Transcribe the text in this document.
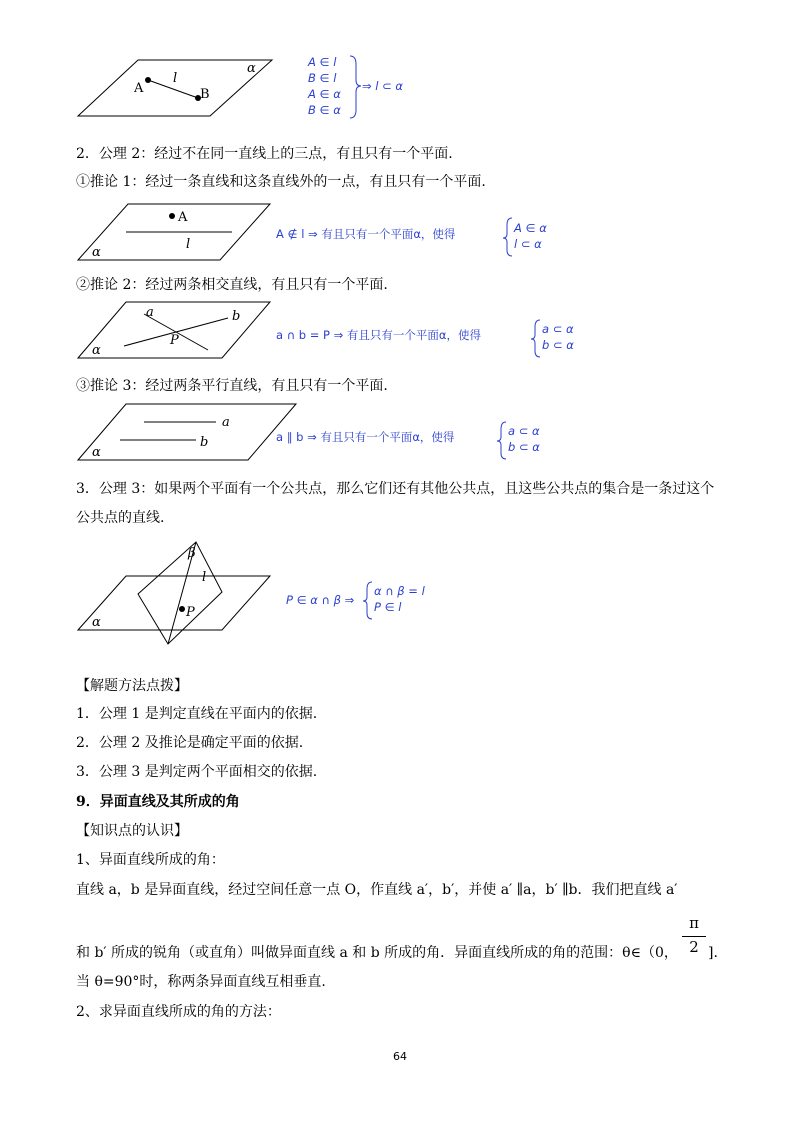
A	B
l
α	A ∈ l
B ∈ l
A ∈ α
B ∈ α
⇒ l ⊂ α
2．公理 2：经过不在同一直线上的三点，有且只有一个平面.
①推论 1：经过一条直线和这条直线外的一点，有且只有一个平面.
A
l
α
A ∉ l ⇒ 有且只有一个平面α，使得	A ∈ α
l ⊂ α
②推论 2：经过两条相交直线，有且只有一个平面.
a	b
P
α
a ∩ b = P ⇒ 有且只有一个平面α，使得	a ⊂ α
b ⊂ α
③推论 3：经过两条平行直线，有且只有一个平面.
a
b
α
a ∥ b ⇒ 有且只有一个平面α，使得	a ⊂ α
b ⊂ α
3．公理 3：如果两个平面有一个公共点，那么它们还有其他公共点，且这些公共点的集合是一条过这个
公共点的直线.
β
l
P
α
P ∈ α ∩ β ⇒
α ∩ β = l
P ∈ l
【解题方法点拨】
1．公理 1 是判定直线在平面内的依据.
2．公理 2 及推论是确定平面的依据.
3．公理 3 是判定两个平面相交的依据.
9．异面直线及其所成的角
【知识点的认识】
1、异面直线所成的角：
直线 a，b 是异面直线，经过空间任意一点 O，作直线 a′，b′，并使 a′ ∥a，b′ ∥b．我们把直线 a′
和 b′ 所成的锐角（或直角）叫做异面直线 a 和 b 所成的角．异面直线所成的角的范围：θ∈（0，
π
2 ].
当 θ=90°时，称两条异面直线互相垂直.
2、求异面直线所成的角的方法：
64
